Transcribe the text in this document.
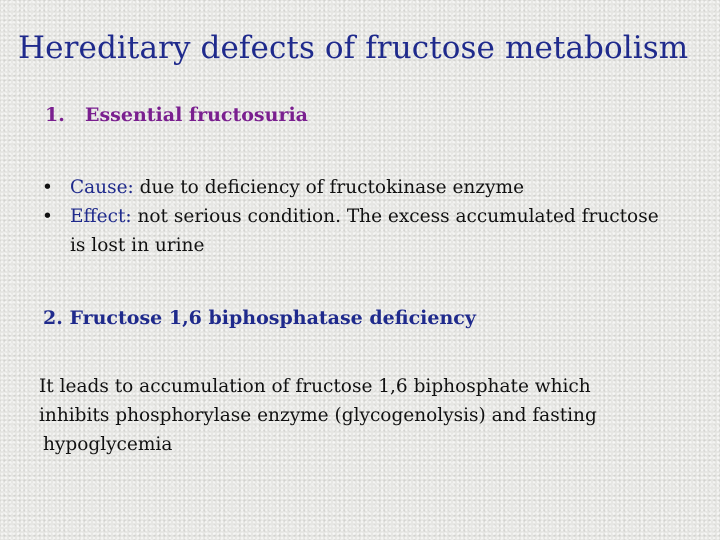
Hereditary defects of fructose metabolism
1. Essential fructosuria
• Cause: due to deficiency of fructokinase enzyme
• Effect: not serious condition. The excess accumulated fructose is lost in urine
2. Fructose 1,6 biphosphatase deficiency

It leads to accumulation of fructose 1,6 biphosphate which
inhibits phosphorylase enzyme (glycogenolysis) and fasting
hypoglycemia
